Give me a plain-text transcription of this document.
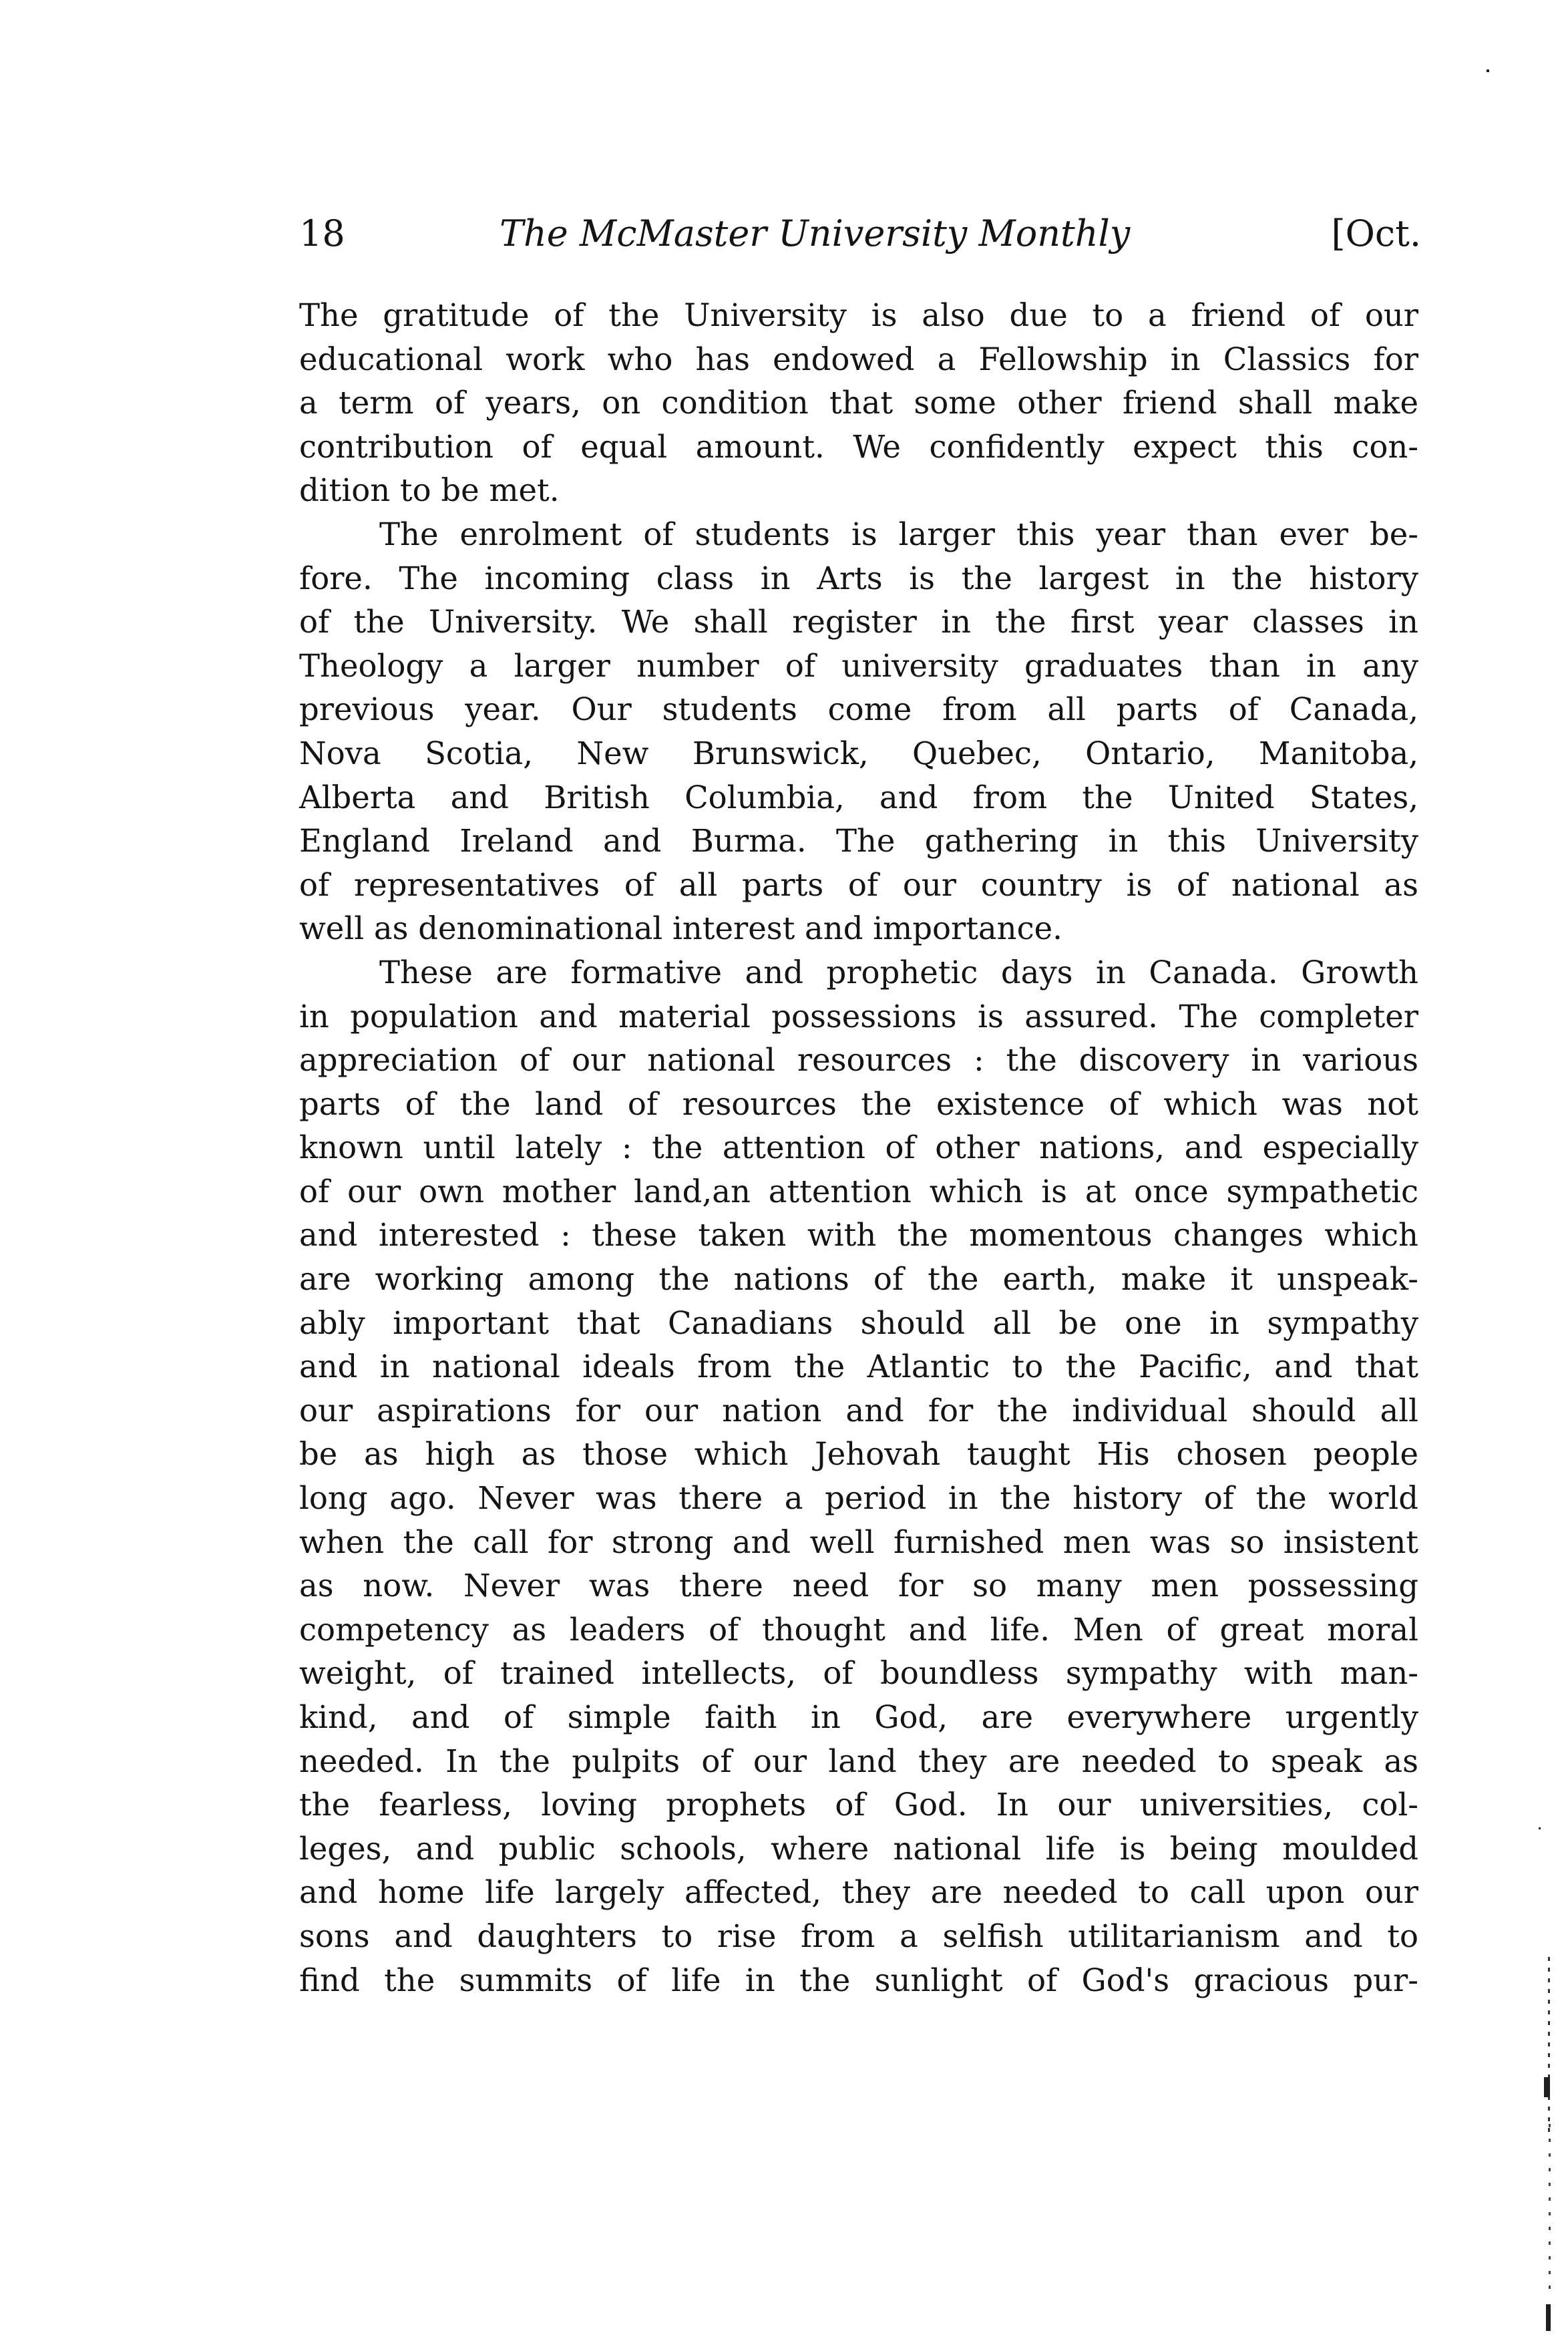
18	The McMaster University Monthly	[Oct.
The gratitude of the University is also due to a friend of our
educational work who has endowed a Fellowship in Classics for
a term of years, on condition that some other friend shall make
contribution of equal amount. We confidently expect this con-
dition to be met.
The enrolment of students is larger this year than ever be-
fore. The incoming class in Arts is the largest in the history
of the University. We shall register in the first year classes in
Theology a larger number of university graduates than in any
previous year. Our students come from all parts of Canada,
Nova Scotia, New Brunswick, Quebec, Ontario, Manitoba,
Alberta and British Columbia, and from the United States,
England Ireland and Burma. The gathering in this University
of representatives of all parts of our country is of national as
well as denominational interest and importance.
These are formative and prophetic days in Canada. Growth
in population and material possessions is assured. The completer
appreciation of our national resources : the discovery in various
parts of the land of resources the existence of which was not
known until lately : the attention of other nations, and especially
of our own mother land,an attention which is at once sympathetic
and interested : these taken with the momentous changes which
are working among the nations of the earth, make it unspeak-
ably important that Canadians should all be one in sympathy
and in national ideals from the Atlantic to the Pacific, and that
our aspirations for our nation and for the individual should all
be as high as those which Jehovah taught His chosen people
long ago. Never was there a period in the history of the world
when the call for strong and well furnished men was so insistent
as now. Never was there need for so many men possessing
competency as leaders of thought and life. Men of great moral
weight, of trained intellects, of boundless sympathy with man-
kind, and of simple faith in God, are everywhere urgently
needed. In the pulpits of our land they are needed to speak as
the fearless, loving prophets of God. In our universities, col-
leges, and public schools, where national life is being moulded
and home life largely affected, they are needed to call upon our
sons and daughters to rise from a selfish utilitarianism and to
find the summits of life in the sunlight of God's gracious pur-
